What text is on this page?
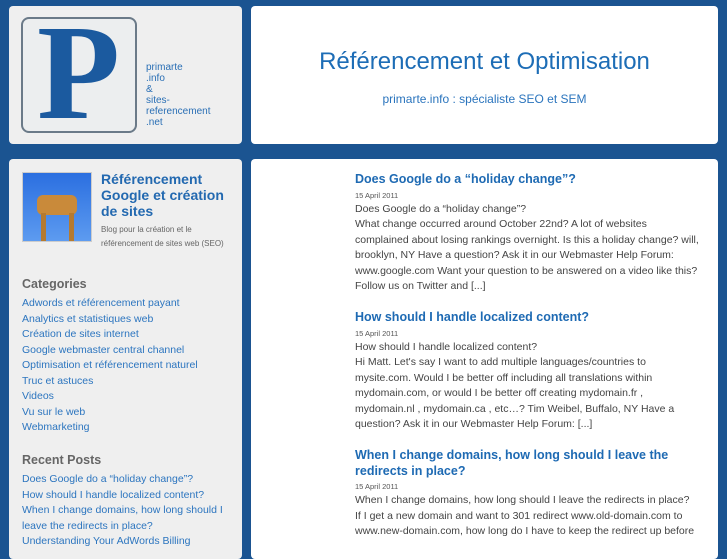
P	primarte
.info
&
sites-
referencement
.net
Référencement et Optimisation
primarte.info : spécialiste SEO et SEM
Référencement Google et création de sites
Blog pour la création et le référencement de sites web (SEO)
Categories
Adwords et référencement payant
Analytics et statistiques web
Création de sites internet
Google webmaster central channel
Optimisation et référencement naturel
Truc et astuces
Videos
Vu sur le web
Webmarketing
Recent Posts
Does Google do a “holiday change”?
How should I handle localized content?
When I change domains, how long should I leave the redirects in place?
Understanding Your AdWords Billing
Does Google do a “holiday change”?
15 April 2011

Does Google do a “holiday change”?

What change occurred around October 22nd? A lot of websites complained about losing rankings overnight. Is this a holiday change? will, brooklyn, NY Have a question? Ask it in our Webmaster Help Forum: www.google.com Want your question to be answered on a video like this? Follow us on Twitter and [...]

How should I handle localized content?
15 April 2011

How should I handle localized content?

Hi Matt. Let's say I want to add multiple languages/countries to mysite.com. Would I be better off including all translations within mydomain.com, or would I be better off creating mydomain.fr , mydomain.nl , mydomain.ca , etc…? Tim Weibel, Buffalo, NY Have a question? Ask it in our Webmaster Help Forum: [...]

When I change domains, how long should I leave the redirects in place?
15 April 2011

When I change domains, how long should I leave the redirects in place?
If I get a new domain and want to 301 redirect www.old-domain.com to www.new-domain.com, how long do I have to keep the redirect up before
